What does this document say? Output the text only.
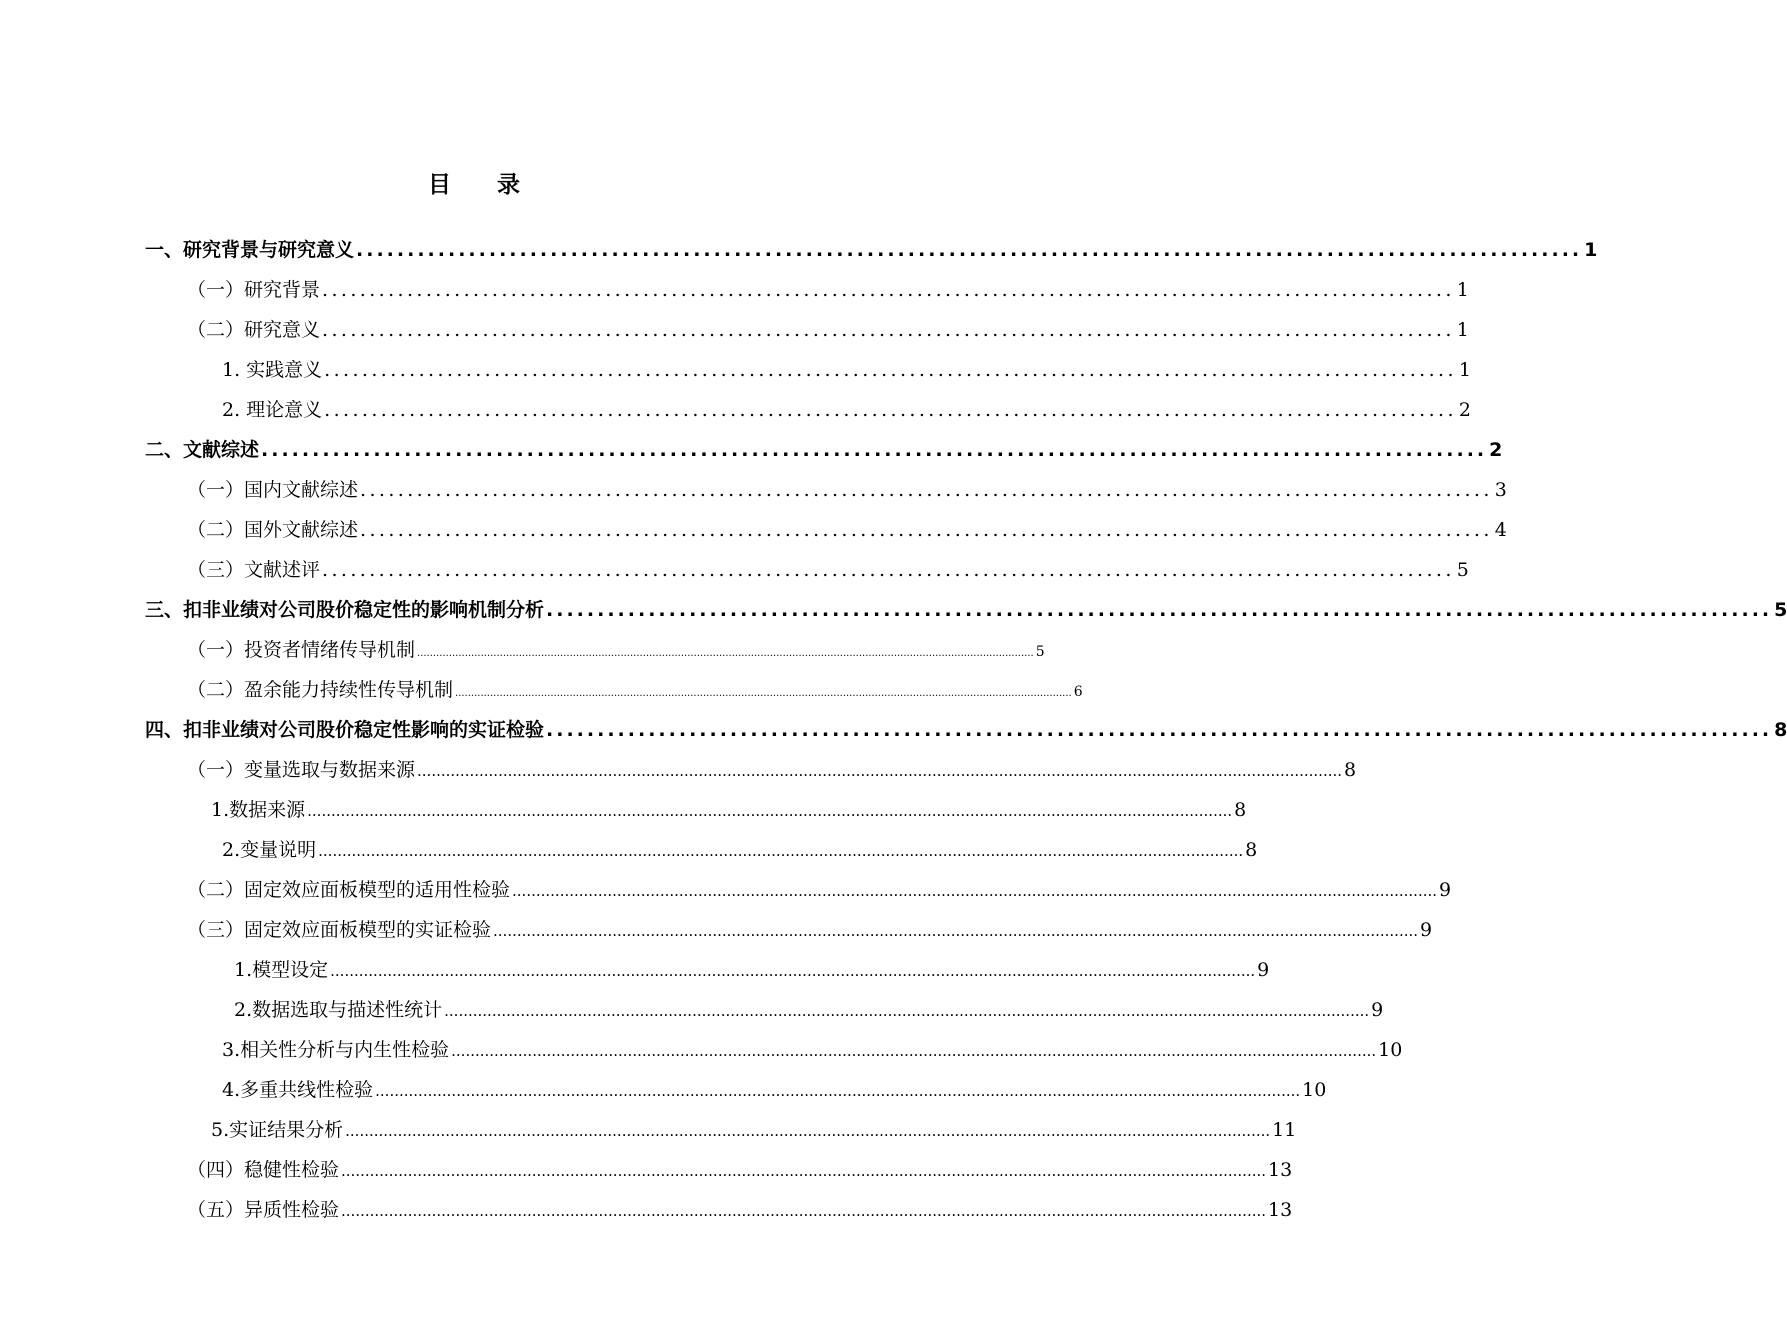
目 录
一、研究背景与研究意义 ........................................................................................................................ 1
（一）研究背景 ........................................................................................................................ 1
（二）研究意义 ........................................................................................................................ 1
1. 实践意义 ........................................................................................................................ 1
2. 理论意义 ........................................................................................................................ 2
二、文献综述 ........................................................................................................................ 2
（一）国内文献综述 ........................................................................................................................ 3
（二）国外文献综述 ........................................................................................................................ 4
（三）文献述评 ........................................................................................................................ 5
三、扣非业绩对公司股价稳定性的影响机制分析 ........................................................................................................................ 5
（一）投资者情绪传导机制 .................................................................................................................................................................................................. 5
（二）盈余能力持续性传导机制 .................................................................................................................................................................................................. 6
四、扣非业绩对公司股价稳定性影响的实证检验 ........................................................................................................................ 8
（一）变量选取与数据来源 .................................................................................................................................................................................................. 8
1.数据来源 .................................................................................................................................................................................................. 8
2.变量说明 .................................................................................................................................................................................................. 8
（二）固定效应面板模型的适用性检验 .................................................................................................................................................................................................. 9
（三）固定效应面板模型的实证检验 .................................................................................................................................................................................................. 9
1.模型设定 .................................................................................................................................................................................................. 9
2.数据选取与描述性统计 .................................................................................................................................................................................................. 9
3.相关性分析与内生性检验 .................................................................................................................................................................................................. 10
4.多重共线性检验 .................................................................................................................................................................................................. 10
5.实证结果分析 .................................................................................................................................................................................................. 11
（四）稳健性检验 .................................................................................................................................................................................................. 13
（五）异质性检验 .................................................................................................................................................................................................. 13
